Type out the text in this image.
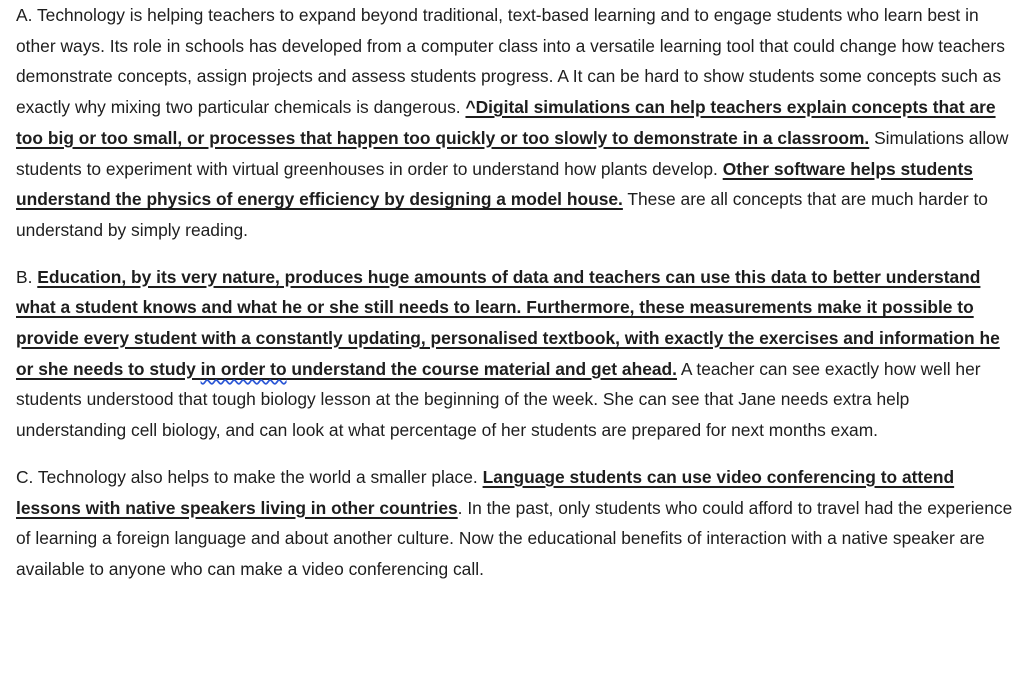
A. Technology is helping teachers to expand beyond traditional, text-based learning and to engage students who learn best in other ways. Its role in schools has developed from a computer class into a versatile learning tool that could change how teachers demonstrate concepts, assign projects and assess students progress. A It can be hard to show students some concepts such as exactly why mixing two particular chemicals is dangerous. ^Digital simulations can help teachers explain concepts that are too big or too small, or processes that happen too quickly or too slowly to demonstrate in a classroom. Simulations allow students to experiment with virtual greenhouses in order to understand how plants develop. Other software helps students understand the physics of energy efficiency by designing a model house. These are all concepts that are much harder to understand by simply reading.

B. Education, by its very nature, produces huge amounts of data and teachers can use this data to better understand what a student knows and what he or she still needs to learn. Furthermore, these measurements make it possible to provide every student with a constantly updating, personalised textbook, with exactly the exercises and information he or she needs to study in order to understand the course material and get ahead. A teacher can see exactly how well her students understood that tough biology lesson at the beginning of the week. She can see that Jane needs extra help understanding cell biology, and can look at what percentage of her students are prepared for next months exam.

C. Technology also helps to make the world a smaller place. Language students can use video conferencing to attend lessons with native speakers living in other countries. In the past, only students who could afford to travel had the experience of learning a foreign language and about another culture. Now the educational benefits of interaction with a native speaker are available to anyone who can make a video conferencing call.
